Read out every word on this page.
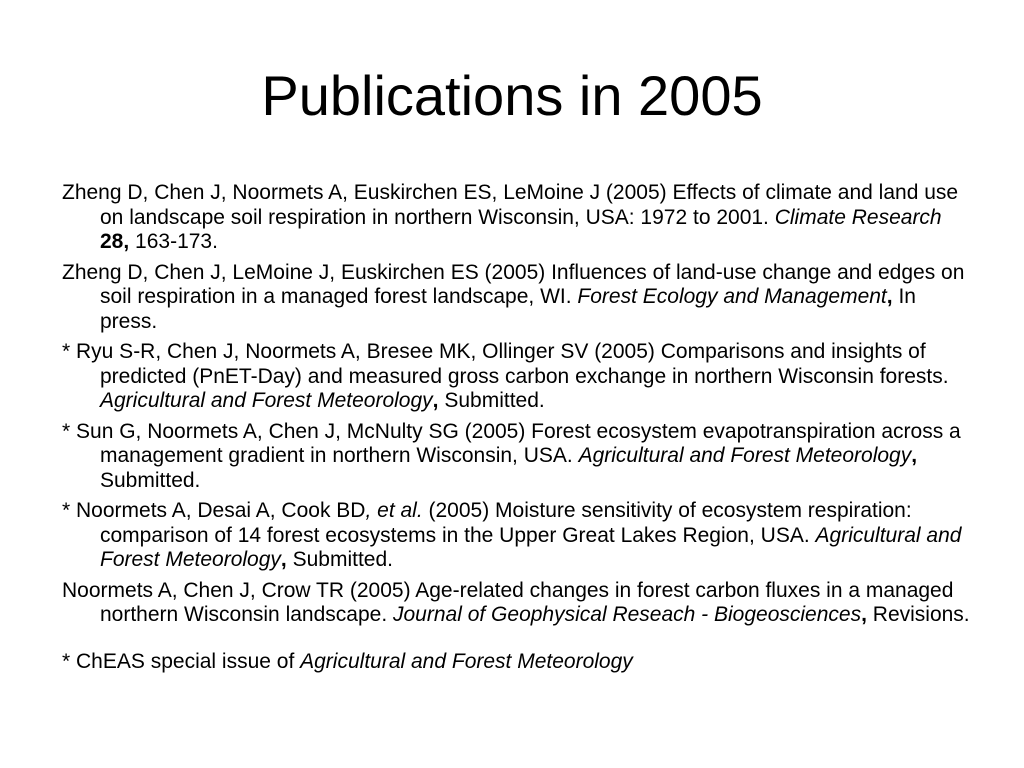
Publications in 2005
Zheng D, Chen J, Noormets A, Euskirchen ES, LeMoine J (2005) Effects of climate and land use on landscape soil respiration in northern Wisconsin, USA: 1972 to 2001. Climate Research 28, 163-173.
Zheng D, Chen J, LeMoine J, Euskirchen ES (2005) Influences of land-use change and edges on soil respiration in a managed forest landscape, WI. Forest Ecology and Management, In press.
* Ryu S-R, Chen J, Noormets A, Bresee MK, Ollinger SV (2005) Comparisons and insights of predicted (PnET-Day) and measured gross carbon exchange in northern Wisconsin forests. Agricultural and Forest Meteorology, Submitted.
* Sun G, Noormets A, Chen J, McNulty SG (2005) Forest ecosystem evapotranspiration across a management gradient in northern Wisconsin, USA. Agricultural and Forest Meteorology, Submitted.
* Noormets A, Desai A, Cook BD, et al. (2005) Moisture sensitivity of ecosystem respiration: comparison of 14 forest ecosystems in the Upper Great Lakes Region, USA. Agricultural and Forest Meteorology, Submitted.
Noormets A, Chen J, Crow TR (2005) Age-related changes in forest carbon fluxes in a managed northern Wisconsin landscape. Journal of Geophysical Reseach - Biogeosciences, Revisions.
* ChEAS special issue of Agricultural and Forest Meteorology
